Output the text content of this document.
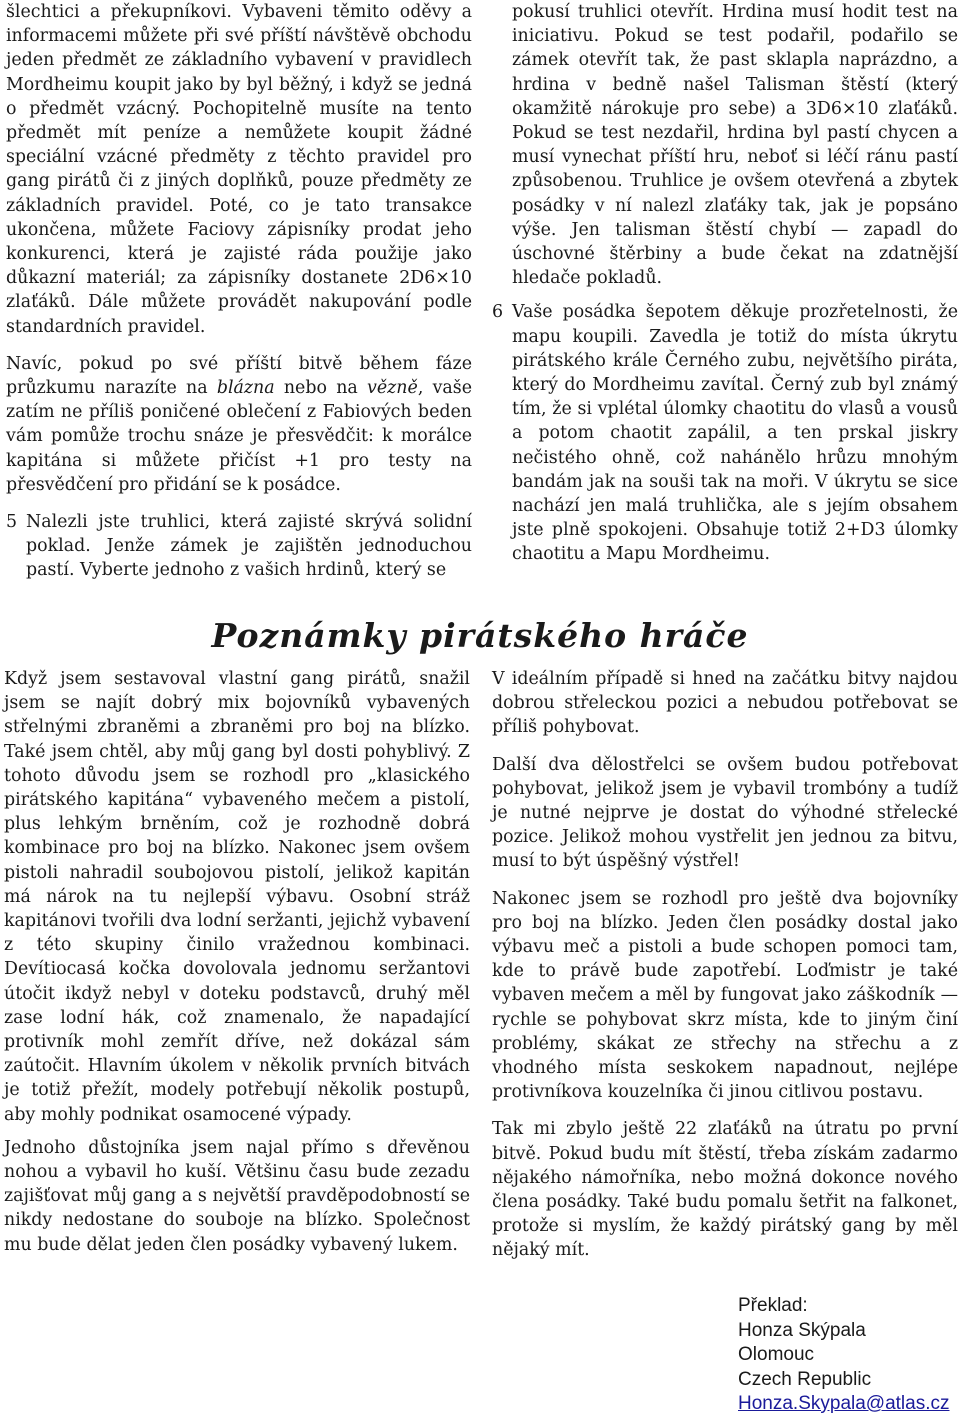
šlechtici a překupníkovi. Vybaveni těmito oděvy a informacemi můžete při své příští návštěvě obchodu jeden předmět ze základního vybavení v pravidlech Mordheimu koupit jako by byl běžný, i když se jedná o předmět vzácný. Pochopitelně musíte na tento předmět mít peníze a nemůžete koupit žádné speciální vzácné předměty z těchto pravidel pro gang pirátů či z jiných doplňků, pouze předměty ze základních pravidel. Poté, co je tato transakce ukončena, můžete Faciovy zápisníky prodat jeho konkurenci, která je zajisté ráda použije jako důkazní materiál; za zápisníky dostanete 2D6×10 zlaťáků. Dále můžete provádět nakupování podle standardních pravidel.

Navíc, pokud po své příští bitvě během fáze průzkumu narazíte na blázna nebo na vězně, vaše zatím ne příliš poničené oblečení z Fabiových beden vám pomůže trochu snáze je přesvědčit: k morálce kapitána si můžete přičíst +1 pro testy na přesvědčení pro přidání se k posádce.

5 Nalezli jste truhlici, která zajisté skrývá solidní poklad. Jenže zámek je zajištěn jednoduchou pastí. Vyberte jednoho z vašich hrdinů, který se

pokusí truhlici otevřít. Hrdina musí hodit test na iniciativu. Pokud se test podařil, podařilo se zámek otevřít tak, že past sklapla naprázdno, a hrdina v bedně našel Talisman štěstí (který okamžitě nárokuje pro sebe) a 3D6×10 zlaťáků. Pokud se test nezdařil, hrdina byl pastí chycen a musí vynechat příští hru, neboť si léčí ránu pastí způsobenou. Truhlice je ovšem otevřená a zbytek posádky v ní nalezl zlaťáky tak, jak je popsáno výše. Jen talisman štěstí chybí — zapadl do úschovné štěrbiny a bude čekat na zdatnější hledače pokladů.

6 Vaše posádka šepotem děkuje prozřetelnosti, že mapu koupili. Zavedla je totiž do místa úkrytu pirátského krále Černého zubu, největšího piráta, který do Mordheimu zavítal. Černý zub byl známý tím, že si vplétal úlomky chaotitu do vlasů a vousů a potom chaotit zapálil, a ten prskal jiskry nečistého ohně, což nahánělo hrůzu mnohým bandám jak na souši tak na moři. V úkrytu se sice nachází jen malá truhlička, ale s jejím obsahem jste plně spokojeni. Obsahuje totiž 2+D3 úlomky chaotitu a Mapu Mordheimu.

Poznámky pirátského hráče

Když jsem sestavoval vlastní gang pirátů, snažil jsem se najít dobrý mix bojovníků vybavených střelnými zbraněmi a zbraněmi pro boj na blízko. Také jsem chtěl, aby můj gang byl dosti pohyblivý. Z tohoto důvodu jsem se rozhodl pro „klasického pirátského kapitána“ vybaveného mečem a pistolí, plus lehkým brněním, což je rozhodně dobrá kombinace pro boj na blízko. Nakonec jsem ovšem pistoli nahradil soubojovou pistolí, jelikož kapitán má nárok na tu nejlepší výbavu. Osobní stráž kapitánovi tvořili dva lodní seržanti, jejichž vybavení z této skupiny činilo vražednou kombinaci. Devítiocasá kočka dovolovala jednomu seržantovi útočit ikdyž nebyl v doteku podstavců, druhý měl zase lodní hák, což znamenalo, že napadající protivník mohl zemřít dříve, než dokázal sám zaútočit. Hlavním úkolem v několik prvních bitvách je totiž přežít, modely potřebují několik postupů, aby mohly podnikat osamocené výpady.

Jednoho důstojníka jsem najal přímo s dřevěnou nohou a vybavil ho kuší. Většinu času bude zezadu zajišťovat můj gang a s největší pravděpodobností se nikdy nedostane do souboje na blízko. Společnost mu bude dělat jeden člen posádky vybavený lukem.

V ideálním případě si hned na začátku bitvy najdou dobrou střeleckou pozici a nebudou potřebovat se příliš pohybovat.

Další dva dělostřelci se ovšem budou potřebovat pohybovat, jelikož jsem je vybavil trombóny a tudíž je nutné nejprve je dostat do výhodné střelecké pozice. Jelikož mohou vystřelit jen jednou za bitvu, musí to být úspěšný výstřel!

Nakonec jsem se rozhodl pro ještě dva bojovníky pro boj na blízko. Jeden člen posádky dostal jako výbavu meč a pistoli a bude schopen pomoci tam, kde to právě bude zapotřebí. Loďmistr je také vybaven mečem a měl by fungovat jako záškodník — rychle se pohybovat skrz místa, kde to jiným činí problémy, skákat ze střechy na střechu a z vhodného místa seskokem napadnout, nejlépe protivníkova kouzelníka či jinou citlivou postavu.

Tak mi zbylo ještě 22 zlaťáků na útratu po první bitvě. Pokud budu mít štěstí, třeba získám zadarmo nějakého námořníka, nebo možná dokonce nového člena posádky. Také budu pomalu šetřit na falkonet, protože si myslím, že každý pirátský gang by měl nějaký mít.

Překlad:
Honza Skýpala
Olomouc
Czech Republic
Honza.Skypala@atlas.cz
